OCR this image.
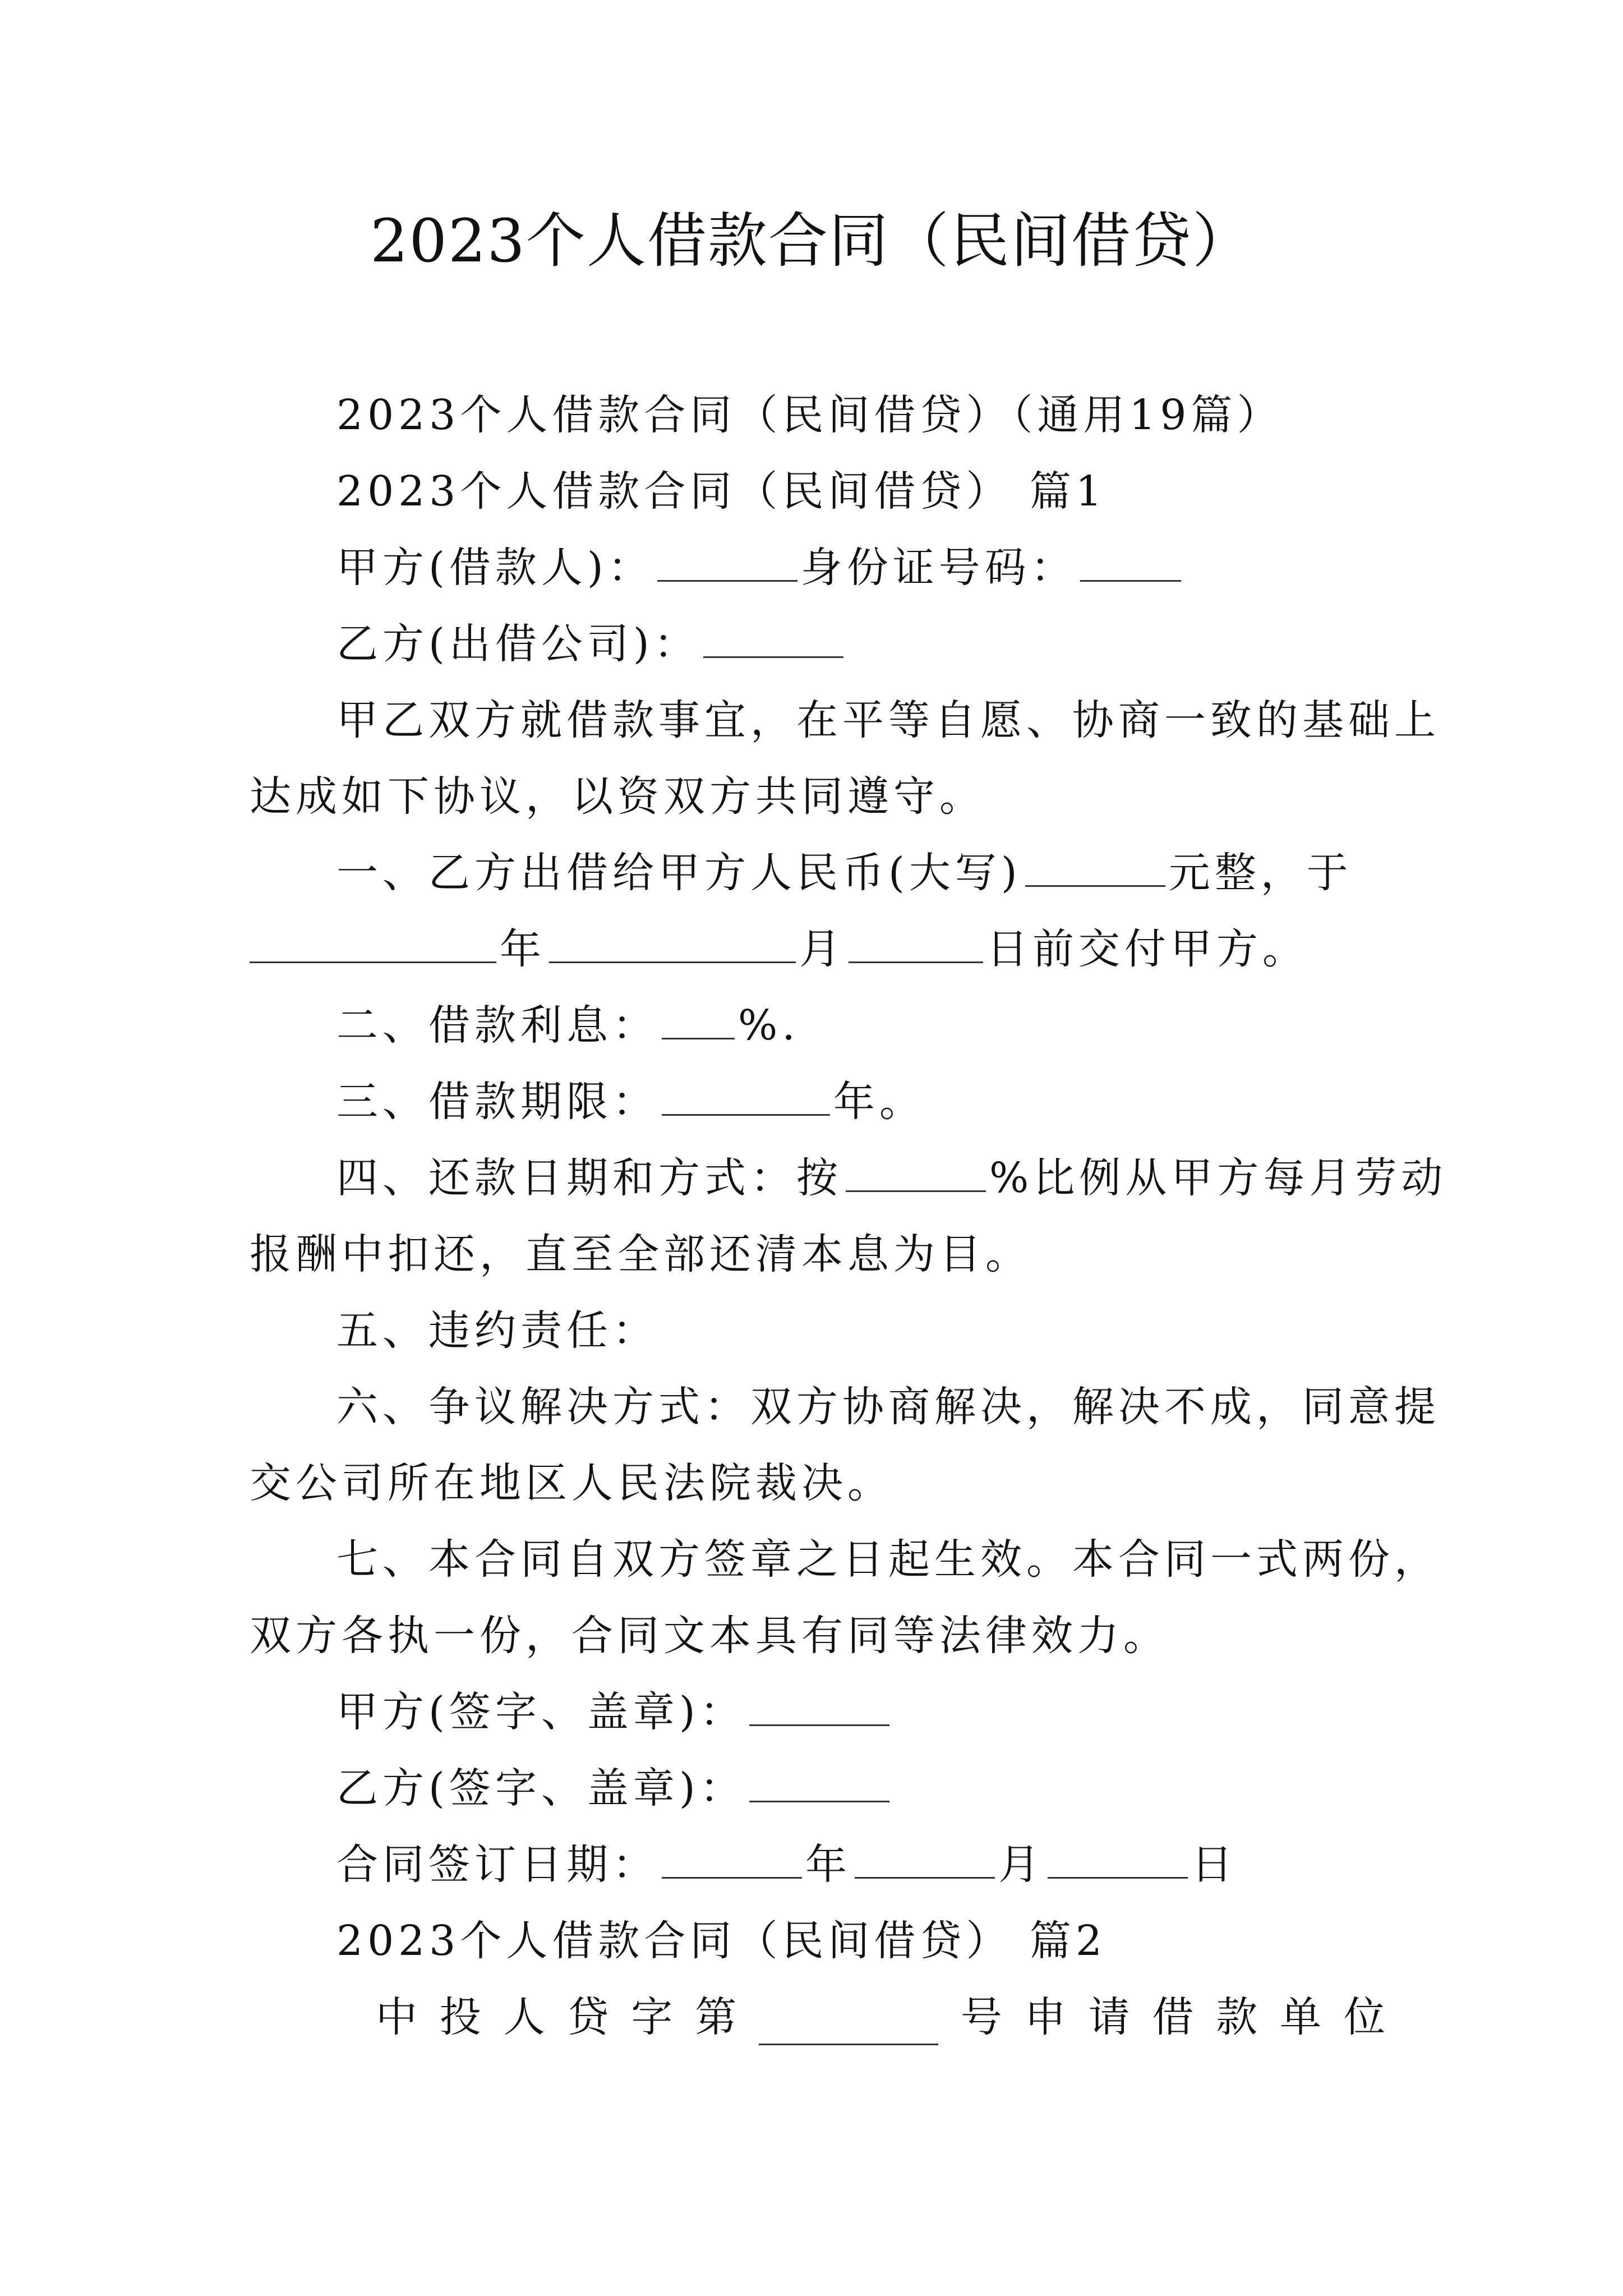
2023个人借款合同（民间借贷）
2023个人借款合同（民间借贷）（通用19篇）
2023个人借款合同（民间借贷） 篇1
甲方(借款人)：	身份证号码：
乙方(出借公司)：
甲乙双方就借款事宜，在平等自愿、协商一致的基础上
达成如下协议，以资双方共同遵守。
一、乙方出借给甲方人民币(大写)	元整，于
年	月	日前交付甲方。
二、借款利息： %.
三、借款期限：	年。
四、还款日期和方式：按	%比例从甲方每月劳动
报酬中扣还，直至全部还清本息为目。
五、违约责任：
六、争议解决方式：双方协商解决，解决不成，同意提
交公司所在地区人民法院裁决。
七、本合同自双方签章之日起生效。本合同一式两份，
双方各执一份，合同文本具有同等法律效力。
甲方(签字、盖章)：
乙方(签字、盖章)：
合同签订日期：	年	月	日
2023个人借款合同（民间借贷） 篇2
中 投 人 贷 字 第	号 申 请 借 款 单 位
